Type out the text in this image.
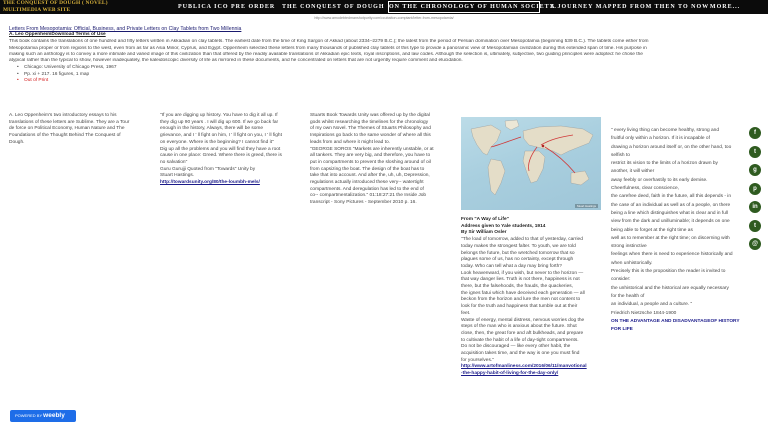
THE CONQUEST OF DOUGH ( NOVEL)
MULTIMEDIA WEB SITE	PUBLICA ICO PRE ORDER THE CONQUEST OF DOUGH ON THE CHRONOLOGY OF HUMAN SOCIETY.
A JOURNEY MAPPED FROM THEN TO NOW MORE...
http://www.amodebtedmanshotpurity.com/ccubaiton-comptant/letter-from-mesopotamia/
Letters From Mesopotamia: Official, Business, and Private Letters on Clay Tablets from Two Millennia
A. Leo OppenheimDownload Terms of Use
This book contains the translations of one hundred and fifty letters written in Akkadian on clay tablets. The earliest date from the time of King Sargon of Akkad (about 2334–2279 B.C.); the latest from the period of Persian domination over Mesopotamia (beginning 539 B.C.). The tablets come either from
Mesopotamia proper or from regions to the west, even from as far as Asia Minor, Cyprus, and Egypt. Oppenheim selected these letters from many thousands of published clay tablets of this type to provide a panoramic view of Mesopotamian civilization during this extended span of time. His purpose in
making such an anthology is to convey a more intimate and varied image of this civilization than that offered by the readily available translations of Akkadian epic texts, royal inscriptions, and law codes. Although the selection is, ultimately, subjective, two guiding principles were adopted: he chose the
atypical rather than the typical to show, however inadequately, the kaleidoscopic diversity of life as mirrored in these documents, and he concentrated on letters that are not urgently require comment and elucidation.
• Chicago: University of Chicago Press, 1967
• Pp. xi + 217. 16 figures, 1 map
• Out of Print
A. Leo Oppenheim's two introductory essays to his
translations of these letters are Sublime. They are a Tour
de force on Political Economy, Human Nature and The
Foundations of the Thought Behind The Conquest of
Dough.
"If you are digging up history. You have to dig it all up. If
they dig up 90 years . I will dig up 600. If we go back far
enough in the history, Always, there will be some
grievance, and I ' ll fight on him, I ' ll fight on you, I ' ll fight
on everyone. Where is the beginning? I cannot find it"
Dig up all the problems and you will find they have a root
cause in one place: Greed. Where there is greed, there is
no salvation"
Guru Gurujji Quoted from "Towards" Unity by
Stuart Hastings.
http://towardsunity.org/80/the-loumbh-mels/
Stuarts Book Towards Unity was offered up by the digital
gods whilst researching the timelines for the chronology
of my own Novel. The Themes of Stuarts Philosophy and
Inspirations go back to the same wonder of where all this
leads from and where it might lead to.
"GEORGE SOROS "Markets are inherently unstable, or at
all tankers. They are very big, and therefore, you have to
put in compartments to prevent the sloshing around of oil
from capsizing the boat. The design of the boat has to
take that into account. And after the, uh, uh, Depression,
regulations actually introduced these very-- watertight
compartments. And deregulation has led to the end of
co-- compartmentalization." 01:18:27:21 the Inside Job
transcript - Sony Pictures - September 2010 p. 16.
Stuart Hastings
From "A Way of Life"
Address given to Yale students, 1914
By Sir William Osler
"The load of tomorrow, added to that of yesterday, carried
today makes the strongest falter. To youth, we are told
belongs the future, but the wretched tomorrow that so
plagues some of us, has no certainty, except through
today. Who can tell what a day may bring forth?
Look heavenward, if you wish, but never to the horizon —
that way danger lies. Truth is not there, happiness is not
there, but the falsehoods, the frauds, the quackeries,
the ignes fatui which have deceived each generation — all
beckon from the horizon and lure the men not content to
look for the truth and happiness that tumble out at their
feet.
Waste of energy, mental distress, nervous worries dog the
steps of the man who is anxious about the future. Shut
close, then, the great fore and aft bulkheads, and prepare
to cultivate the habit of a life of day-tight compartments.
Do not be discouraged — like every other habit, the
acquisition takes time, and the way is one you must find
for yourselves."
http://www.artofmanliness.com/2016/06/11/manvotional
-the-happy-habit-of-living-for-the-day-only/
" every living thing can become healthy, strong and
fruitful only within a horizon. If it is incapable of
drawing a horizon around itself or, on the other hand, too
selfish to
restrict its vision to the limits of a horizon drawn by
another, it will wither
away feebly or overhastily to its early demise.
Cheerfulness, clear conscience,
the carefree deed, faith in the future, all this depends - in
the case of an individual as well as of a people, on there
being a line which distinguishes what is clear and in full
view from the dark and unilluminable; it depends on one
being able to forget at the right time as
well as to remember at the right time; on discerning with
strong instinctive
feelings when there is need to experience historically and
when unhistorically.
Precisely this is the proposition the reader is invited to
consider:
the unhistorical and the historical are equally necessary
for the health of
an individual, a people and a culture. "
Friedrich Nietzsche 1844-1900
ON THE ADVANTAGE AND DISADVANTAGEOF HISTORY
FOR LIFE
f
t
g
p
in
t
@
POWERED BY weebly
